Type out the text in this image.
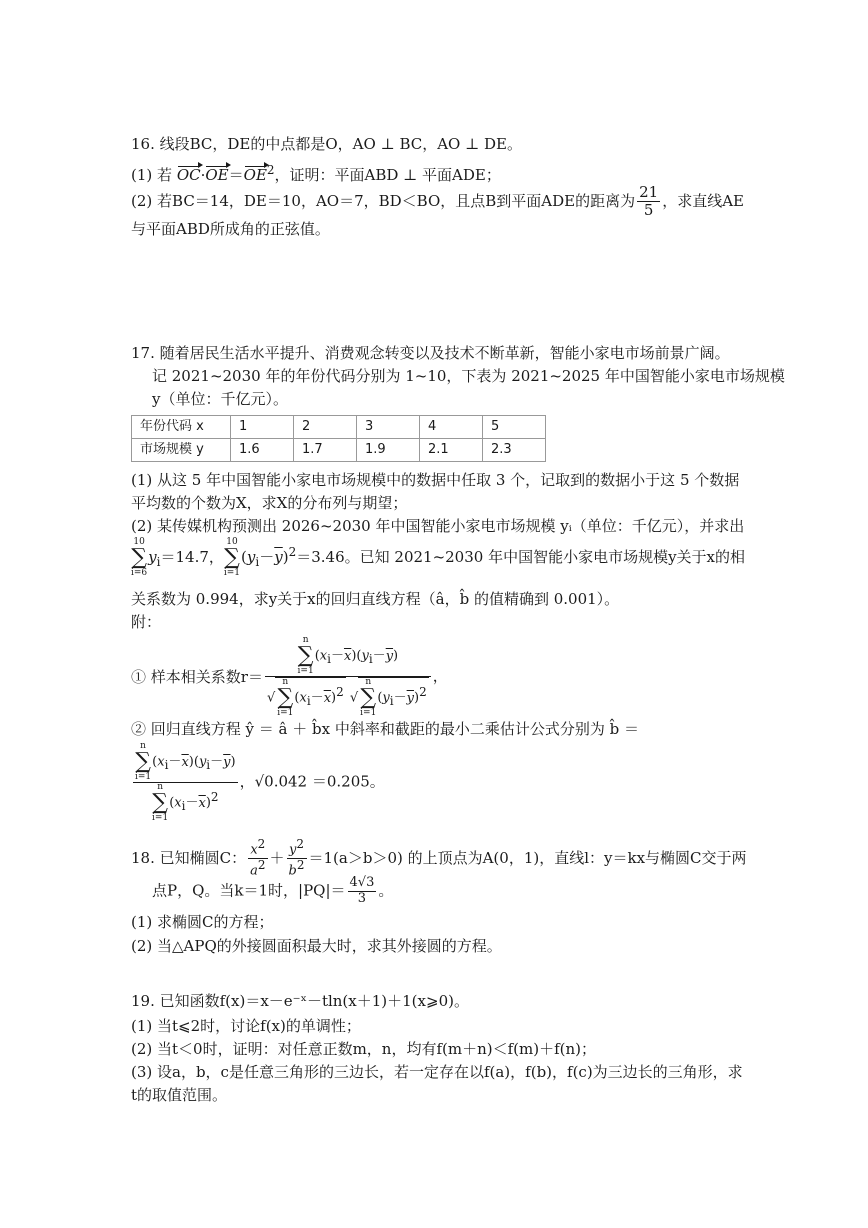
16. 线段BC，DE的中点都是O，AO ⊥ BC，AO ⊥ DE。
(1) 若 $OC\cdot OE=OE^2$，证明：平面ABD ⊥ 平面ADE；
(2) 若BC＝14，DE＝10，AO＝7，BD＜BO，且点B到平面ADE的距离为 $\frac{21}{5}$ ，求直线AE
与平面ABD所成角的正弦值。
17. 随着居民生活水平提升、消费观念转变以及技术不断革新，智能小家电市场前景广阔。
记 2021~2030 年的年份代码分别为 1~10，下表为 2021~2025 年中国智能小家电市场规模
y（单位：千亿元）。
年份代码 x	1	2	3	4	5
市场规模 y	1.6	1.7	1.9	2.1	2.3
(1) 从这 5 年中国智能小家电市场规模中的数据中任取 3 个，记取到的数据小于这 5 个数据
平均数的个数为X，求X的分布列与期望；
(2) 某传媒机构预测出 2026~2030 年中国智能小家电市场规模 yᵢ（单位：千亿元），并求出
10
∑
i=6
$y_i=14.7$，
10
∑
i=1
$(y_i-\overline{y})^2=3.46$。已知 2021~2030 年中国智能小家电市场规模y关于x的相
关系数为 0.994，求y关于x的回归直线方程（â，b̂ 的值精确到 0.001）。
附：
① 样本相关系数r＝ n
∑
i=1
$(x_i-\overline{x})(y_i-\overline{y})$
√
n
∑
i=1
$(x_i-\overline{x})^2$ √
n
∑
i=1
$(y_i-\overline{y})^2$ ，
② 回归直线方程 ŷ ＝ â ＋ b̂x 中斜率和截距的最小二乘估计公式分别为 b̂ ＝
n
∑
i=1
$(x_i-\overline{x})(y_i-\overline{y})$
n
∑
i=1
$(x_i-\overline{x})^2$ ，√0.042 ＝0.205。
18. 已知椭圆C： $\frac{x^2}{a^2} + \frac{y^2}{b^2} =1(a>b>0)$ 的上顶点为A(0，1)，直线l：y＝kx与椭圆C交于两
点P，Q。当k＝1时，$|PQ|= \frac{4√3}{3}$ 。
(1) 求椭圆C的方程；
(2) 当△APQ的外接圆面积最大时，求其外接圆的方程。
19. 已知函数f(x)＝x－e⁻ˣ－tln(x＋1)＋1(x⩾0)。
(1) 当t⩽2时，讨论f(x)的单调性；
(2) 当t＜0时，证明：对任意正数m，n，均有f(m＋n)＜f(m)＋f(n)；
(3) 设a，b，c是任意三角形的三边长，若一定存在以f(a)，f(b)，f(c)为三边长的三角形，求
t的取值范围。
